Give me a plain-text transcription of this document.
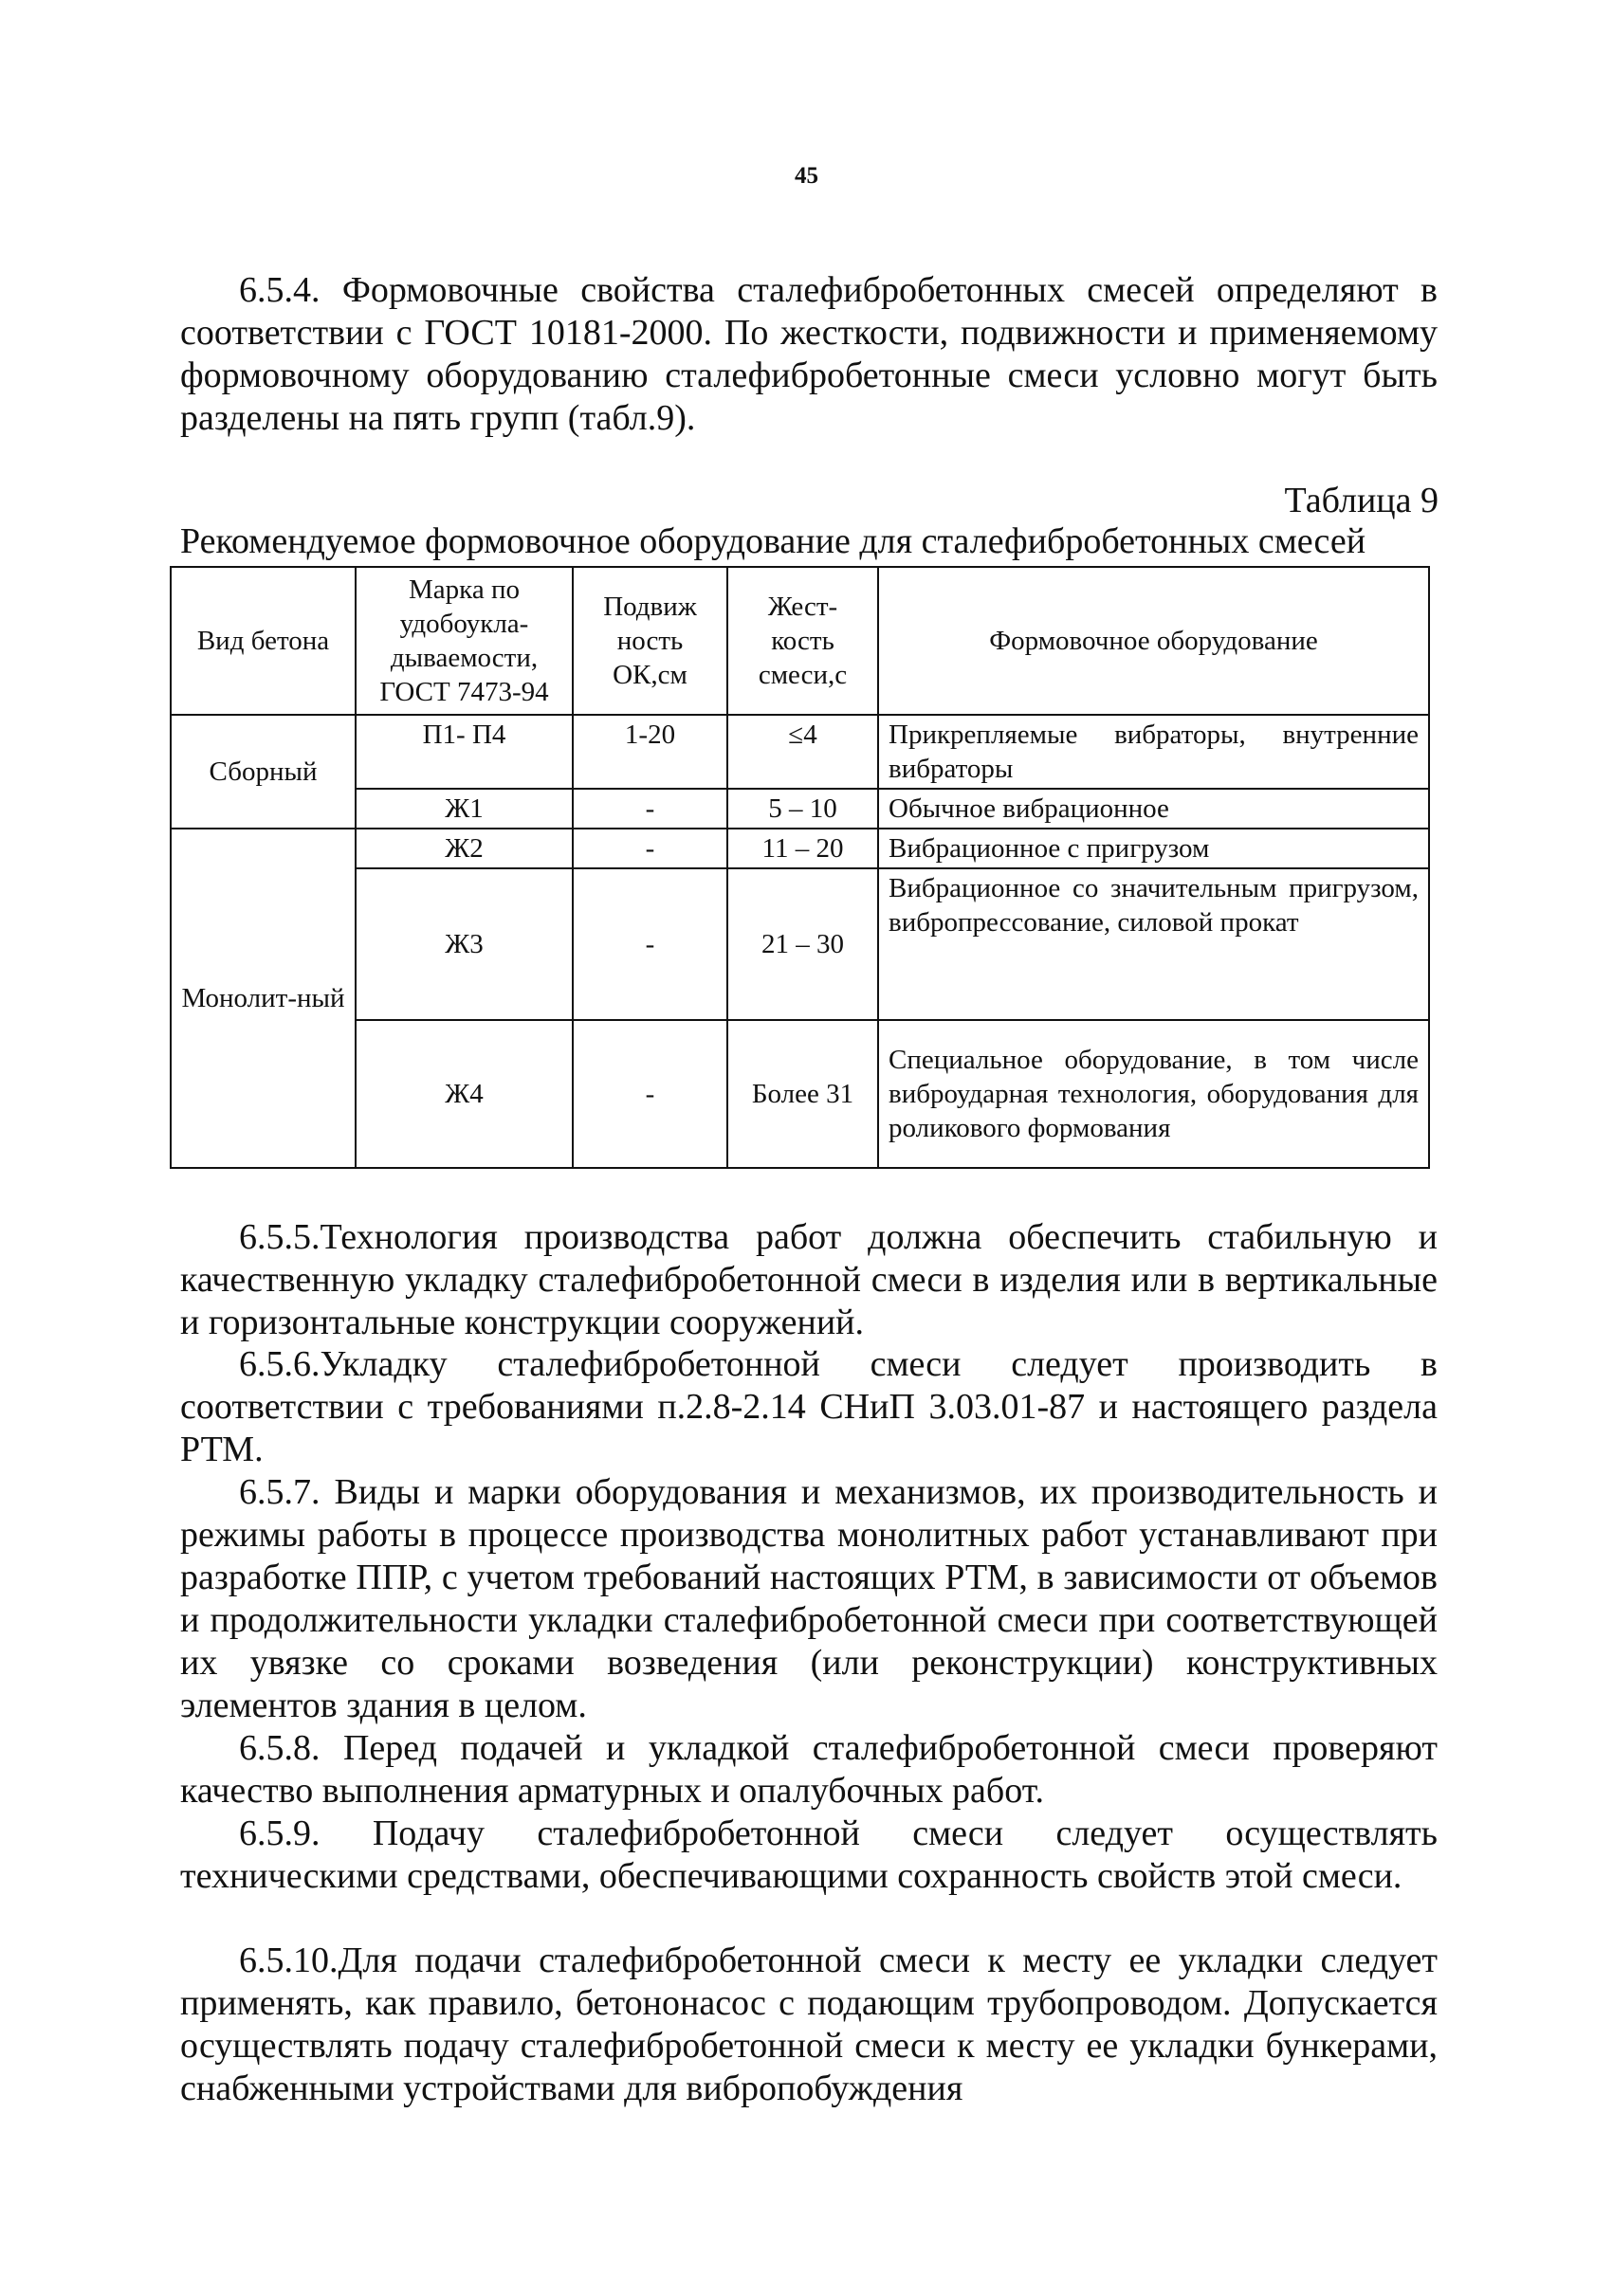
45

6.5.4. Формовочные свойства сталефибробетонных смесей определяют в соответствии с ГОСТ 10181-2000. По жесткости, подвижности и применяемому формовочному оборудованию сталефибробетонные смеси условно могут быть разделены на пять групп (табл.9).

Таблица 9

Рекомендуемое формовочное оборудование для сталефибробетонных смесей

Вид бетона	Марка по удобоукла-дываемости, ГОСТ 7473-94	Подвиж ность ОК,см	Жест-кость смеси,с	Формовочное оборудование
Сборный	П1- П4	1-20	≤4	Прикрепляемые вибраторы, внутренние вибраторы
	Ж1	-	5 – 10	Обычное вибрационное
Монолит-ный	Ж2	-	11 – 20	Вибрационное с пригрузом
	Ж3	-	21 – 30	Вибрационное со значительным пригрузом, вибропрессование, силовой прокат
	Ж4	-	Более 31	Специальное оборудование, в том числе виброударная технология, оборудования для роликового формования

6.5.5.Технология производства работ должна обеспечить стабильную и качественную укладку сталефибробетонной смеси в изделия или в вертикальные и горизонтальные конструкции сооружений.

6.5.6.Укладку сталефибробетонной смеси следует производить в соответствии с требованиями п.2.8-2.14 СНиП 3.03.01-87 и настоящего раздела РТМ.

6.5.7. Виды и марки оборудования и механизмов, их производительность и режимы работы в процессе производства монолитных работ устанавливают при разработке ППР, с учетом требований настоящих РТМ, в зависимости от объемов и продолжительности укладки сталефибробетонной смеси при соответствующей их увязке со сроками возведения (или реконструкции) конструктивных элементов здания в целом.

6.5.8. Перед подачей и укладкой сталефибробетонной смеси проверяют качество выполнения арматурных и опалубочных работ.

6.5.9. Подачу сталефибробетонной смеси следует осуществлять техническими средствами, обеспечивающими сохранность свойств этой смеси.

6.5.10.Для подачи сталефибробетонной смеси к месту ее укладки следует применять, как правило, бетононасос с подающим трубопроводом. Допускается осуществлять подачу сталефибробетонной смеси к месту ее укладки бункерами, снабженными устройствами для вибропобуждения
